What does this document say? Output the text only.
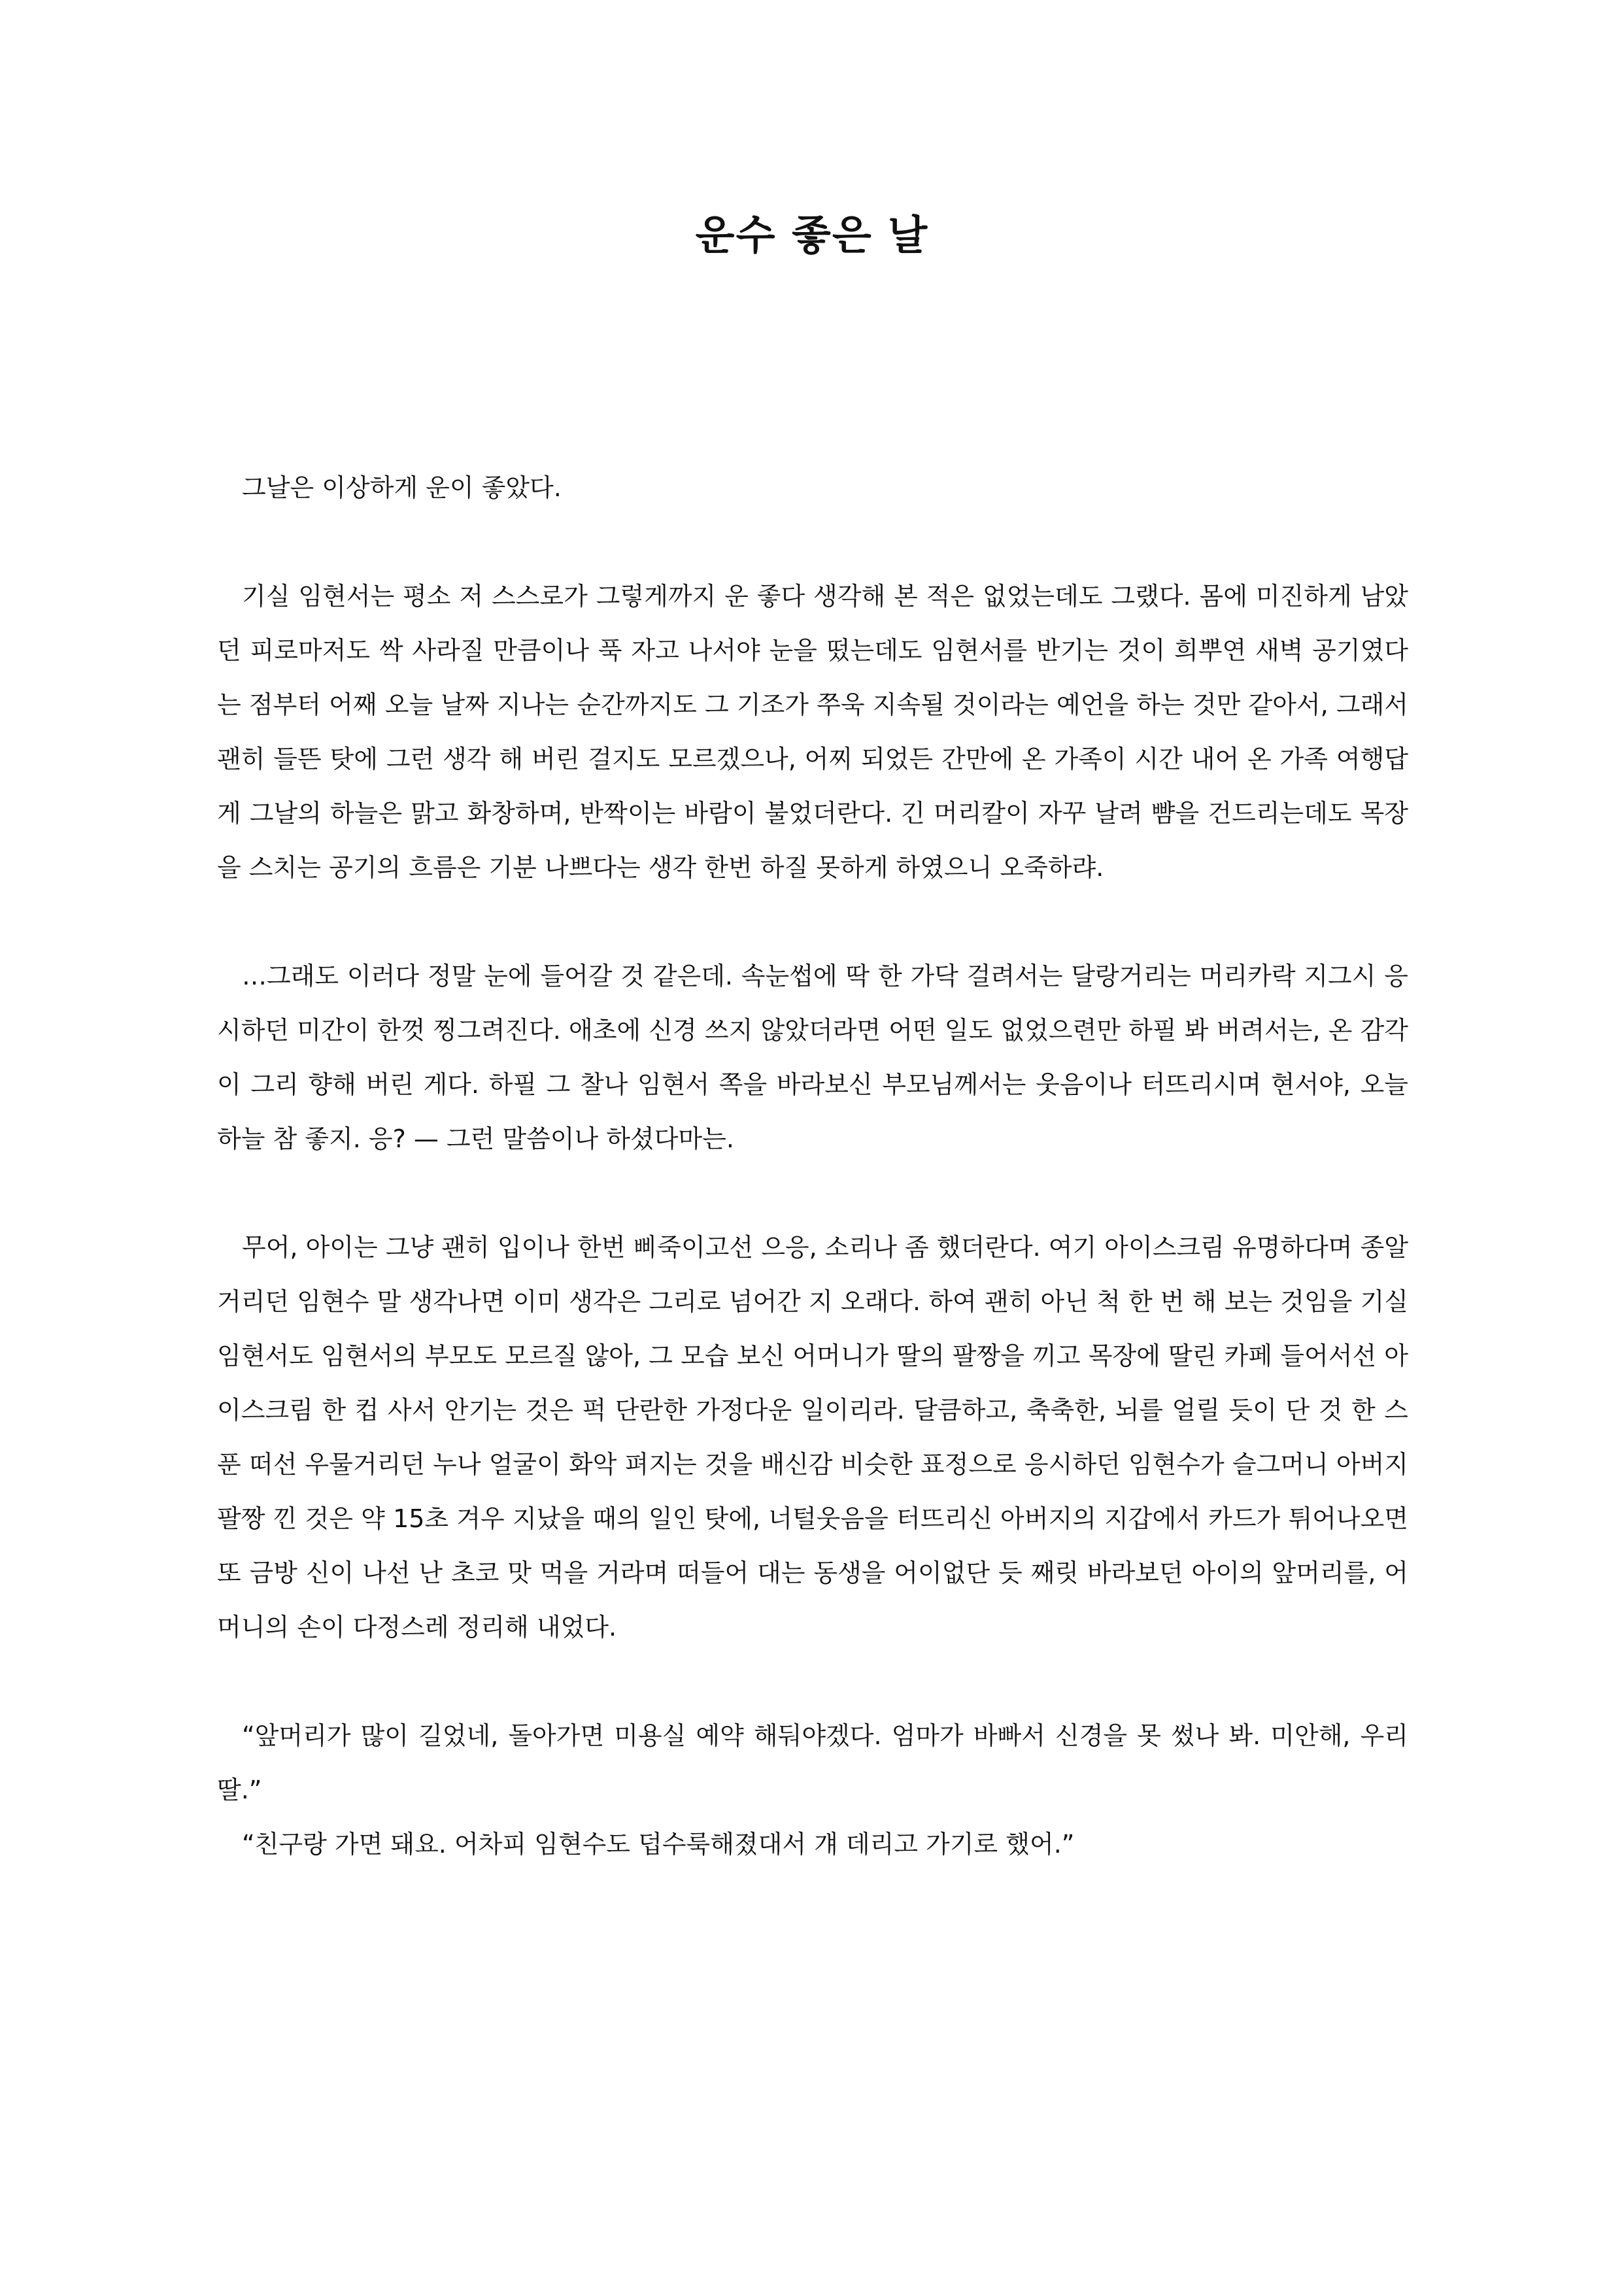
운수 좋은 날

그날은 이상하게 운이 좋았다.

기실 임현서는 평소 저 스스로가 그렇게까지 운 좋다 생각해 본 적은 없었는데도 그랬다. 몸에 미진하게 남았던 피로마저도 싹 사라질 만큼이나 푹 자고 나서야 눈을 떴는데도 임현서를 반기는 것이 희뿌연 새벽 공기였다는 점부터 어째 오늘 날짜 지나는 순간까지도 그 기조가 쭈욱 지속될 것이라는 예언을 하는 것만 같아서, 그래서 괜히 들뜬 탓에 그런 생각 해 버린 걸지도 모르겠으나, 어찌 되었든 간만에 온 가족이 시간 내어 온 가족 여행답게 그날의 하늘은 맑고 화창하며, 반짝이는 바람이 불었더란다. 긴 머리칼이 자꾸 날려 뺨을 건드리는데도 목장을 스치는 공기의 흐름은 기분 나쁘다는 생각 한번 하질 못하게 하였으니 오죽하랴.

…그래도 이러다 정말 눈에 들어갈 것 같은데. 속눈썹에 딱 한 가닥 걸려서는 달랑거리는 머리카락 지그시 응시하던 미간이 한껏 찡그려진다. 애초에 신경 쓰지 않았더라면 어떤 일도 없었으련만 하필 봐 버려서는, 온 감각이 그리 향해 버린 게다. 하필 그 찰나 임현서 쪽을 바라보신 부모님께서는 웃음이나 터뜨리시며 현서야, 오늘 하늘 참 좋지. 응? — 그런 말씀이나 하셨다마는.

무어, 아이는 그냥 괜히 입이나 한번 삐죽이고선 으응, 소리나 좀 했더란다. 여기 아이스크림 유명하다며 종알거리던 임현수 말 생각나면 이미 생각은 그리로 넘어간 지 오래다. 하여 괜히 아닌 척 한 번 해 보는 것임을 기실 임현서도 임현서의 부모도 모르질 않아, 그 모습 보신 어머니가 딸의 팔짱을 끼고 목장에 딸린 카페 들어서선 아이스크림 한 컵 사서 안기는 것은 퍽 단란한 가정다운 일이리라. 달큼하고, 축축한, 뇌를 얼릴 듯이 단 것 한 스푼 떠선 우물거리던 누나 얼굴이 화악 펴지는 것을 배신감 비슷한 표정으로 응시하던 임현수가 슬그머니 아버지 팔짱 낀 것은 약 15초 겨우 지났을 때의 일인 탓에, 너털웃음을 터뜨리신 아버지의 지갑에서 카드가 튀어나오면 또 금방 신이 나선 난 초코 맛 먹을 거라며 떠들어 대는 동생을 어이없단 듯 째릿 바라보던 아이의 앞머리를, 어머니의 손이 다정스레 정리해 내었다.

“앞머리가 많이 길었네, 돌아가면 미용실 예약 해둬야겠다. 엄마가 바빠서 신경을 못 썼나 봐. 미안해, 우리 딸.”

“친구랑 가면 돼요. 어차피 임현수도 덥수룩해졌대서 걔 데리고 가기로 했어.”
